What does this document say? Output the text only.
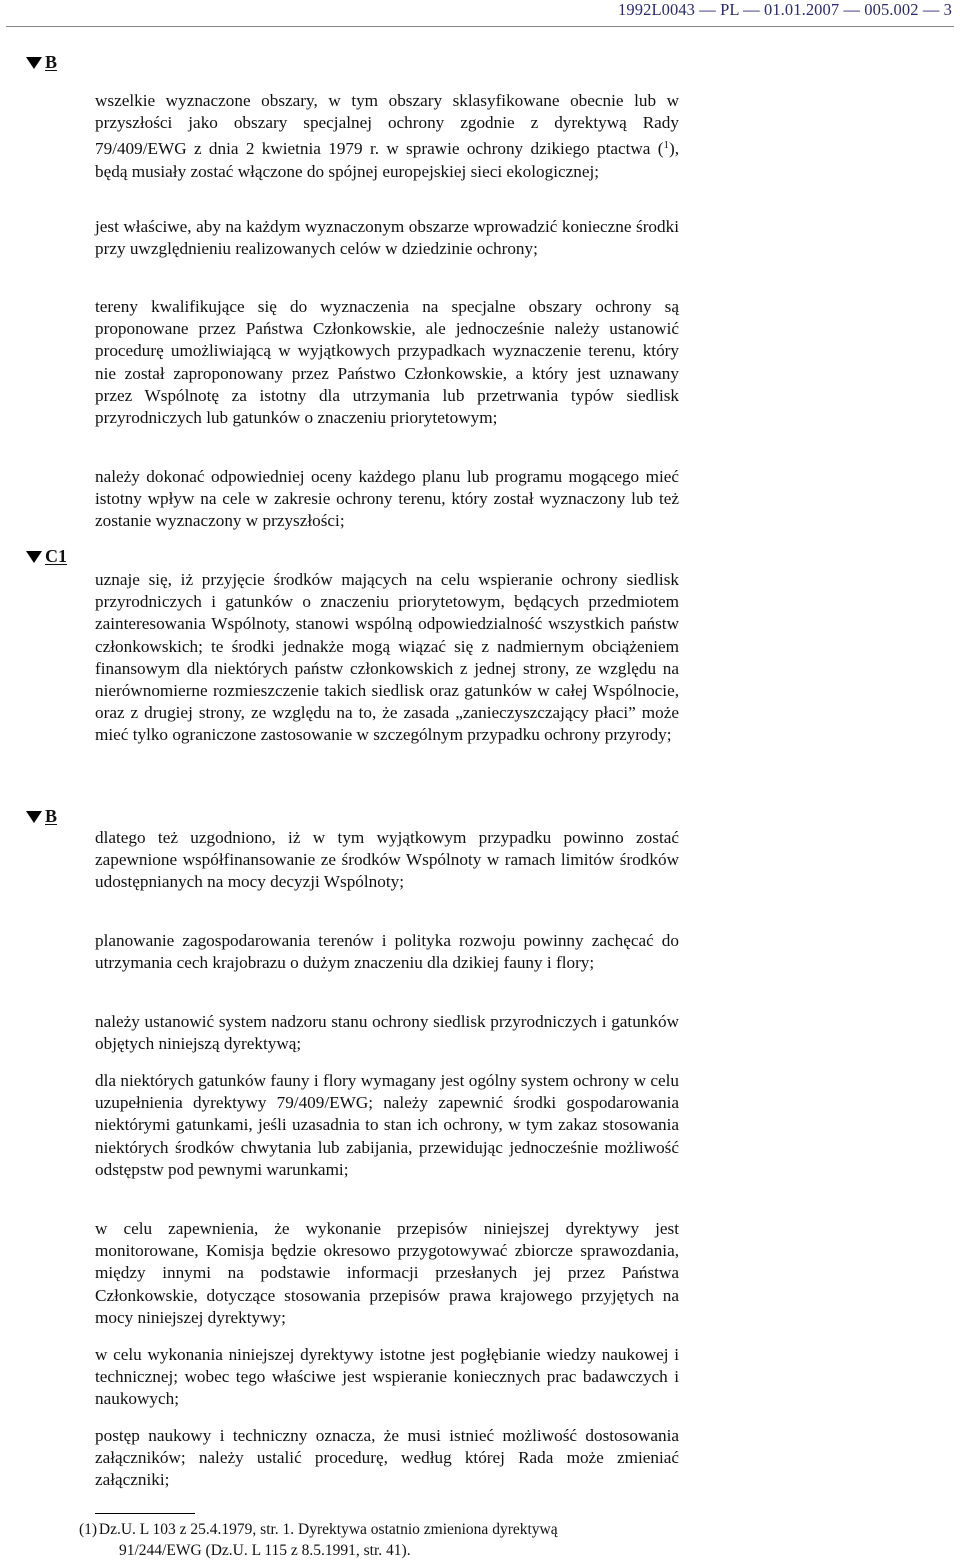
1992L0043 — PL — 01.01.2007 — 005.002 — 3
B
C1
B
wszelkie wyznaczone obszary, w tym obszary sklasyfikowane obecnie lub w przyszłości jako obszary specjalnej ochrony zgodnie z dyrektywą Rady 79/409/EWG z dnia 2 kwietnia 1979 r. w sprawie ochrony dzikiego ptactwa ($^1$), będą musiały zostać włączone do spójnej europejskiej sieci ekologicznej;
jest właściwe, aby na każdym wyznaczonym obszarze wprowadzić konieczne środki przy uwzględnieniu realizowanych celów w dziedzinie ochrony;
tereny kwalifikujące się do wyznaczenia na specjalne obszary ochrony są proponowane przez Państwa Członkowskie, ale jednocześnie należy ustanowić procedurę umożliwiającą w wyjątkowych przypadkach wyznaczenie terenu, który nie został zaproponowany przez Państwo Członkowskie, a który jest uznawany przez Wspólnotę za istotny dla utrzymania lub przetrwania typów siedlisk przyrodniczych lub gatunków o znaczeniu priorytetowym;
należy dokonać odpowiedniej oceny każdego planu lub programu mogącego mieć istotny wpływ na cele w zakresie ochrony terenu, który został wyznaczony lub też zostanie wyznaczony w przyszłości;
uznaje się, iż przyjęcie środków mających na celu wspieranie ochrony siedlisk przyrodniczych i gatunków o znaczeniu priorytetowym, będących przedmiotem zainteresowania Wspólnoty, stanowi wspólną odpowiedzialność wszystkich państw członkowskich; te środki jednakże mogą wiązać się z nadmiernym obciążeniem finansowym dla niektórych państw członkowskich z jednej strony, ze względu na nierównomierne rozmieszczenie takich siedlisk oraz gatunków w całej Wspólnocie, oraz z drugiej strony, ze względu na to, że zasada „zanieczyszczający płaci” może mieć tylko ograniczone zastosowanie w szczególnym przypadku ochrony przyrody;
dlatego też uzgodniono, iż w tym wyjątkowym przypadku powinno zostać zapewnione współfinansowanie ze środków Wspólnoty w ramach limitów środków udostępnianych na mocy decyzji Wspólnoty;
planowanie zagospodarowania terenów i polityka rozwoju powinny zachęcać do utrzymania cech krajobrazu o dużym znaczeniu dla dzikiej fauny i flory;
należy ustanowić system nadzoru stanu ochrony siedlisk przyrodniczych i gatunków objętych niniejszą dyrektywą;
dla niektórych gatunków fauny i flory wymagany jest ogólny system ochrony w celu uzupełnienia dyrektywy 79/409/EWG; należy zapewnić środki gospodarowania niektórymi gatunkami, jeśli uzasadnia to stan ich ochrony, w tym zakaz stosowania niektórych środków chwytania lub zabijania, przewidując jednocześnie możliwość odstępstw pod pewnymi warunkami;
w celu zapewnienia, że wykonanie przepisów niniejszej dyrektywy jest monitorowane, Komisja będzie okresowo przygotowywać zbiorcze sprawozdania, między innymi na podstawie informacji przesłanych jej przez Państwa Członkowskie, dotyczące stosowania przepisów prawa krajowego przyjętych na mocy niniejszej dyrektywy;
w celu wykonania niniejszej dyrektywy istotne jest pogłębianie wiedzy naukowej i technicznej; wobec tego właściwe jest wspieranie koniecznych prac badawczych i naukowych;
postęp naukowy i techniczny oznacza, że musi istnieć możliwość dostosowania załączników; należy ustalić procedurę, według której Rada może zmieniać załączniki;
(1) Dz.U. L 103 z 25.4.1979, str. 1. Dyrektywa ostatnio zmieniona dyrektywą
91/244/EWG (Dz.U. L 115 z 8.5.1991, str. 41).
